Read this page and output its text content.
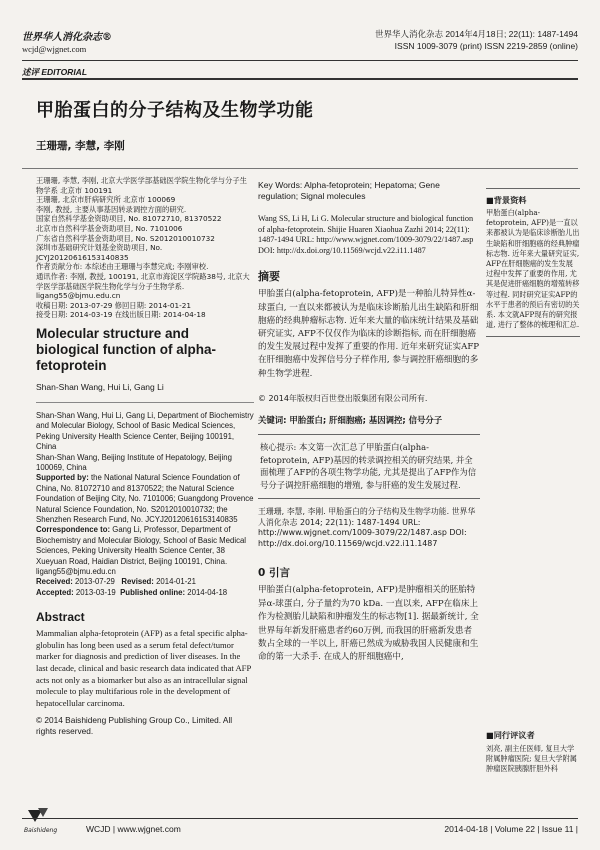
世界华人消化杂志®
wcjd@wjgnet.com
世界华人消化杂志 2014年4月18日; 22(11): 1487-1494
ISSN 1009-3079 (print) ISSN 2219-2859 (online)
述评 EDITORIAL
甲胎蛋白的分子结构及生物学功能
王珊珊, 李慧, 李刚
王珊珊, 李慧, 李刚, 北京大学医学部基础医学院生物化学与分子生物学系 北京市 100191
王珊珊, 北京市肝病研究所 北京市 100069
李刚, 教授, 主要从事基因转录调控方面的研究.
国家自然科学基金资助项目, No. 81072710, 81370522
北京市自然科学基金资助项目, No. 7101006
广东省自然科学基金资助项目, No. S2012010010732
深圳市基础研究计划基金资助项目, No. JCYJ20120616153140835
作者贡献分布: 本综述由王珊珊与李慧完成; 李刚审校.
通讯作者: 李刚, 教授, 100191, 北京市海淀区学院路38号, 北京大学医学部基础医学院生物化学与分子生物学系.
ligang55@bjmu.edu.cn
收稿日期: 2013-07-29 修回日期: 2014-01-21
接受日期: 2014-03-19 在线出版日期: 2014-04-18
Molecular structure and biological function of alpha-fetoprotein
Shan-Shan Wang, Hui Li, Gang Li
Shan-Shan Wang, Hui Li, Gang Li, Department of Biochemistry and Molecular Biology, School of Basic Medical Sciences, Peking University Health Science Center, Beijing 100191, China
Shan-Shan Wang, Beijing Institute of Hepatology, Beijing 100069, China
Supported by: the National Natural Science Foundation of China, No. 81072710 and 81370522; the Natural Science Foundation of Beijing City, No. 7101006; Guangdong Provence Natural Science Foundation, No. S2012010010732; the Shenzhen Research Fund, No. JCYJ20120616153140835
Correspondence to: Gang Li, Professor, Department of Biochemistry and Molecular Biology, School of Basic Medical Sciences, Peking University Health Science Center, 38 Xueyuan Road, Haidian District, Beijing 100191, China. ligang55@bjmu.edu.cn
Received: 2013-07-29 Revised: 2014-01-21
Accepted: 2013-03-19 Published online: 2014-04-18
Abstract
Mammalian alpha-fetoprotein (AFP) as a fetal specific alpha-globulin has long been used as a serum fetal defect/tumor marker for diagnosis and prediction of liver diseases. In the last decade, clinical and basic research data indicated that AFP acts not only as a biomarker but also as an intracellular signal molecule to play multifarious role in the development of hepatocellular carcinoma.
© 2014 Baishideng Publishing Group Co., Limited. All rights reserved.
Key Words: Alpha-fetoprotein; Hepatoma; Gene regulation; Signal molecules
Wang SS, Li H, Li G. Molecular structure and biological function of alpha-fetoprotein. Shijie Huaren Xiaohua Zazhi 2014; 22(11): 1487-1494 URL: http://www.wjgnet.com/1009-3079/22/1487.asp DOI: http://dx.doi.org/10.11569/wcjd.v22.i11.1487
摘要
甲胎蛋白(alpha-fetoprotein, AFP)是一种胎儿特异性α-球蛋白, 一直以来都被认为是临床诊断胎儿出生缺陷和肝细胞癌的经典肿瘤标志物. 近年来大量的临床统计结果及基础研究证实, AFP不仅仅作为临床的诊断指标, 而在肝细胞癌的发生发展过程中发挥了重要的作用. 近年来研究证实AFP在肝细胞癌中发挥信号分子样作用, 参与调控肝癌细胞的多种生物学进程.
© 2014年版权归百世登出版集团有限公司所有.
关键词: 甲胎蛋白; 肝细胞癌; 基因调控; 信号分子
核心提示: 本文第一次汇总了甲胎蛋白(alpha-fetoprotein, AFP)基因的转录调控相关的研究结果, 并全面梳理了AFP的各项生物学功能, 尤其是提出了AFP作为信号分子调控肝癌细胞的增殖, 参与肝癌的发生发展过程.
王珊珊, 李慧, 李刚. 甲胎蛋白的分子结构及生物学功能. 世界华人消化杂志 2014; 22(11): 1487-1494 URL: http://www.wjgnet.com/1009-3079/22/1487.asp DOI: http://dx.doi.org/10.11569/wcjd.v22.i11.1487
0 引言
甲胎蛋白(alpha-fetoprotein, AFP)是肿瘤相关的胚胎特异α-球蛋白, 分子量约为70 kDa. 一直以来, AFP在临床上作为检测胎儿缺陷和肿瘤发生的标志物[1]. 据最新统计, 全世界每年新发肝癌患者约60万例, 而我国的肝癌新发患者数占全球的一半以上, 肝癌已然成为威胁我国人民健康和生命的第一大杀手. 在成人的肝细胞癌中,
■背景资料
甲胎蛋白(alpha-fetoprotein, AFP)是一直以来都被认为是临床诊断胎儿出生缺陷和肝细胞癌的经典肿瘤标志物. 近年来大量研究证实, AFP在肝细胞癌的发生发展过程中发挥了重要的作用, 尤其是促进肝癌细胞的增殖转移等过程. 同时研究证实AFP的水平于患者的预后有密切的关系. 本文就AFP现有的研究报道, 进行了整体的梳理和汇总.
■同行评议者
刘亮, 副主任医师, 复旦大学附属肿瘤医院; 复旦大学附属肿瘤医院胰腺肝胆外科
Baishideng	WCJD | www.wjgnet.com	2014-04-18 | Volume 22 | Issue 11 |
